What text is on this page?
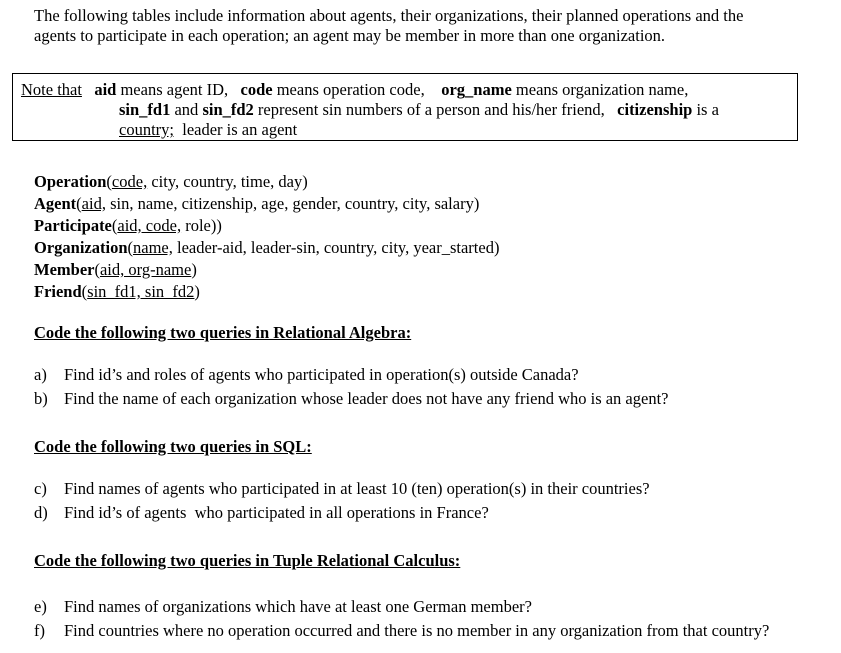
The following tables include information about agents, their organizations, their planned operations and the
agents to participate in each operation; an agent may be member in more than one organization.
Note that aid means agent ID, code means operation code, org_name means organization name,
sin_fd1 and sin_fd2 represent sin numbers of a person and his/her friend, citizenship is a
country;  leader is an agent
Operation(code, city, country, time, day)
Agent(aid, sin, name, citizenship, age, gender, country, city, salary)
Participate(aid, code, role))
Organization(name, leader-aid, leader-sin, country, city, year_started)
Member(aid, org-name)
Friend(sin_fd1, sin_fd2)
Code the following two queries in Relational Algebra:
a) Find id’s and roles of agents who participated in operation(s) outside Canada?
b) Find the name of each organization whose leader does not have any friend who is an agent?
Code the following two queries in SQL:
c) Find names of agents who participated in at least 10 (ten) operation(s) in their countries?
d) Find id’s of agents  who participated in all operations in France?
Code the following two queries in Tuple Relational Calculus:
e) Find names of organizations which have at least one German member?
f) Find countries where no operation occurred and there is no member in any organization from that country?
